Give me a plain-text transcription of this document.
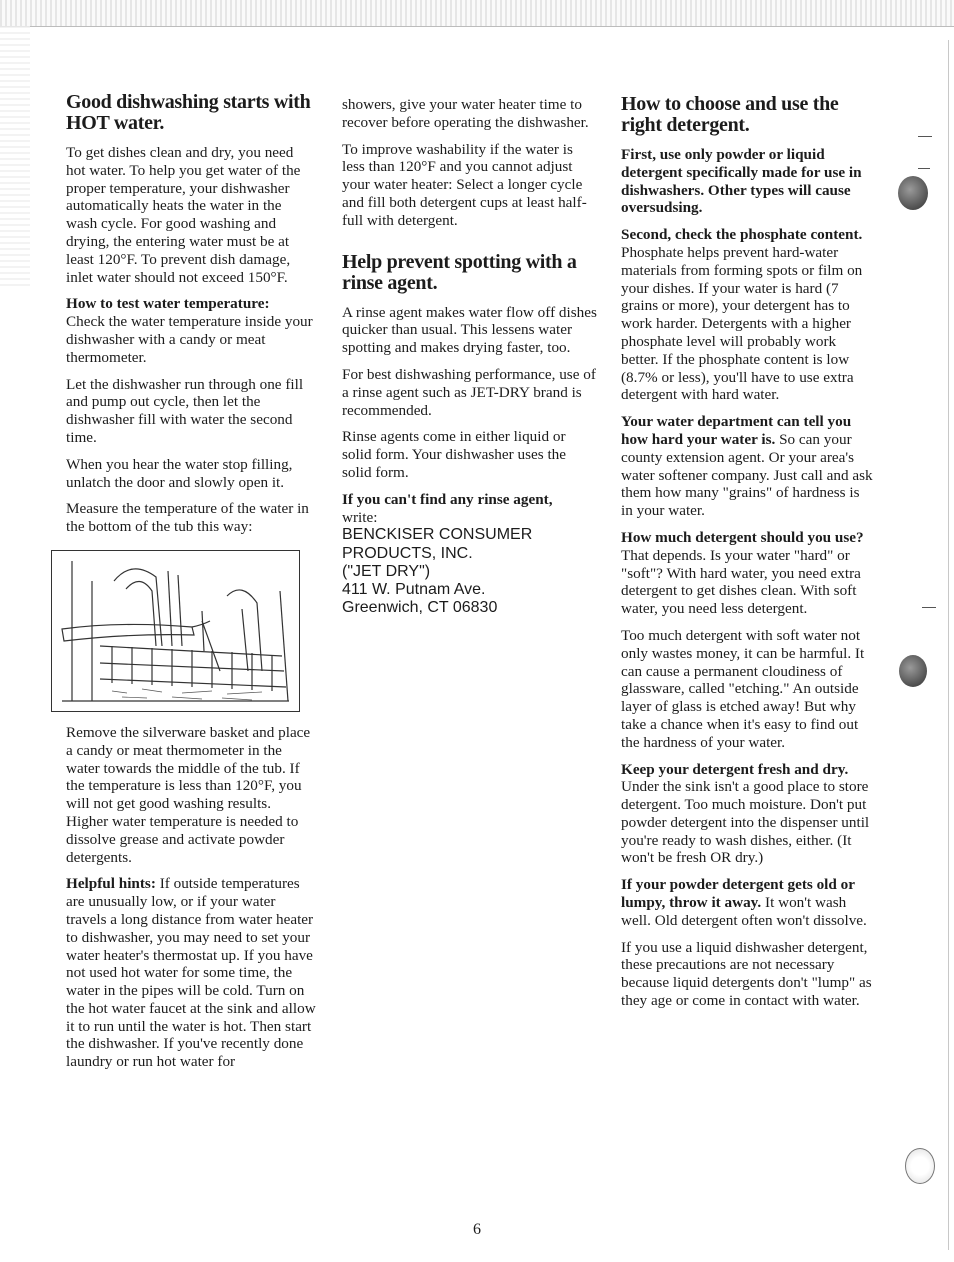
Good dishwashing starts with HOT water.

To get dishes clean and dry, you need hot water. To help you get water of the proper temperature, your dishwasher automatically heats the water in the wash cycle. For good washing and drying, the entering water must be at least 120°F. To prevent dish damage, inlet water should not exceed 150°F.

How to test water temperature:
Check the water temperature inside your dishwasher with a candy or meat thermometer.

Let the dishwasher run through one fill and pump out cycle, then let the dishwasher fill with water the second time.

When you hear the water stop filling, unlatch the door and slowly open it.

Measure the temperature of the water in the bottom of the tub this way:

Remove the silverware basket and place a candy or meat thermometer in the water towards the middle of the tub. If the temperature is less than 120°F, you will not get good washing results. Higher water temperature is needed to dissolve grease and activate powder detergents.

Helpful hints: If outside temperatures are unusually low, or if your water travels a long distance from water heater to dishwasher, you may need to set your water heater's thermostat up. If you have not used hot water for some time, the water in the pipes will be cold. Turn on the hot water faucet at the sink and allow it to run until the water is hot. Then start the dishwasher. If you've recently done laundry or run hot water for

showers, give your water heater time to recover before operating the dishwasher.

To improve washability if the water is less than 120°F and you cannot adjust your water heater: Select a longer cycle and fill both detergent cups at least half-full with detergent.

Help prevent spotting with a rinse agent.

A rinse agent makes water flow off dishes quicker than usual. This lessens water spotting and makes drying faster, too.

For best dishwashing performance, use of a rinse agent such as JET-DRY brand is recommended.

Rinse agents come in either liquid or solid form. Your dishwasher uses the solid form.

If you can't find any rinse agent,
write:

BENCKISER CONSUMER
PRODUCTS, INC.
("JET DRY")
411 W. Putnam Ave.
Greenwich, CT 06830
How to choose and use the right detergent.

First, use only powder or liquid detergent specifically made for use in dishwashers. Other types will cause oversudsing.

Second, check the phosphate content. Phosphate helps prevent hard-water materials from forming spots or film on your dishes. If your water is hard (7 grains or more), your detergent has to work harder. Detergents with a higher phosphate level will probably work better. If the phosphate content is low (8.7% or less), you'll have to use extra detergent with hard water.

Your water department can tell you how hard your water is. So can your county extension agent. Or your area's water softener company. Just call and ask them how many "grains" of hardness is in your water.

How much detergent should you use? That depends. Is your water "hard" or "soft"? With hard water, you need extra detergent to get dishes clean. With soft water, you need less detergent.

Too much detergent with soft water not only wastes money, it can be harmful. It can cause a permanent cloudiness of glassware, called "etching." An outside layer of glass is etched away! But why take a chance when it's easy to find out the hardness of your water.

Keep your detergent fresh and dry. Under the sink isn't a good place to store detergent. Too much moisture. Don't put powder detergent into the dispenser until you're ready to wash dishes, either. (It won't be fresh OR dry.)

If your powder detergent gets old or lumpy, throw it away. It won't wash well. Old detergent often won't dissolve.

If you use a liquid dishwasher detergent, these precautions are not necessary because liquid detergents don't "lump" as they age or come in contact with water.

6
